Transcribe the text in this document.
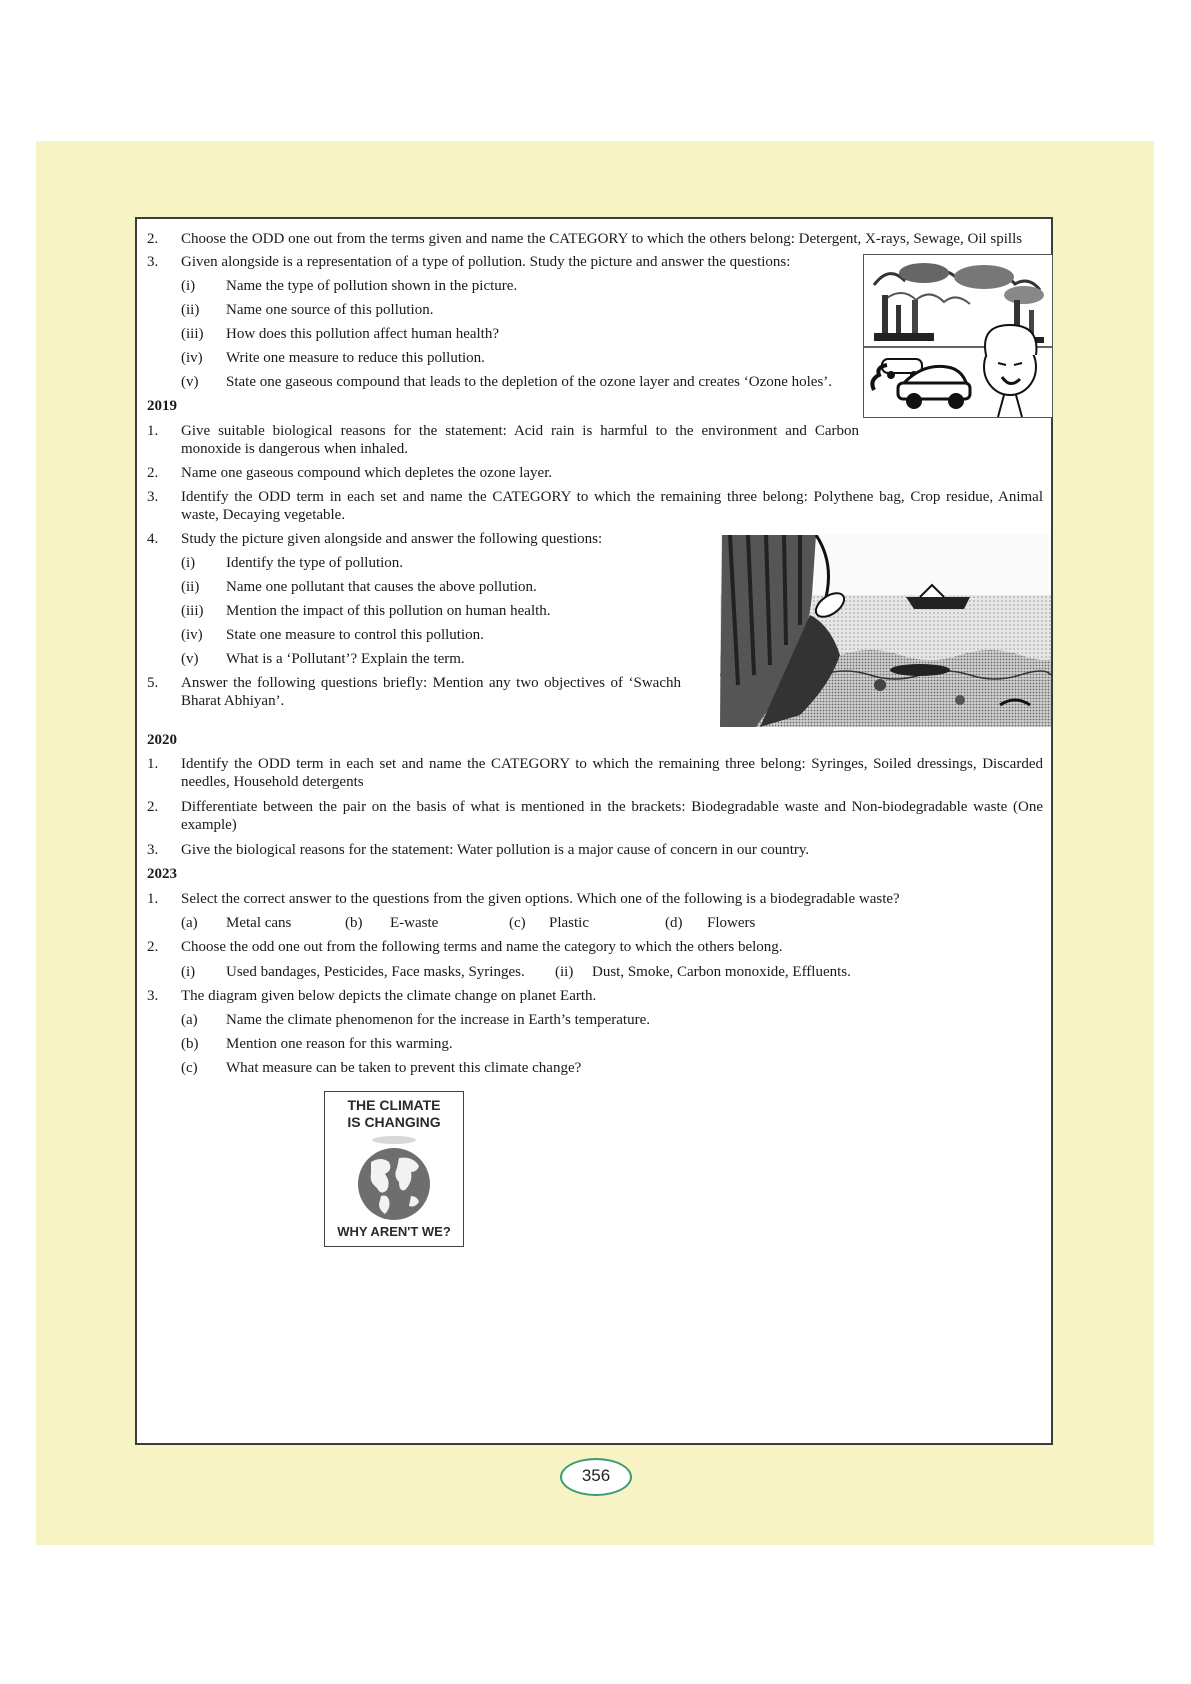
2. Choose the ODD one out from the terms given and name the CATEGORY to which the others belong: Detergent, X-rays, Sewage, Oil spills
3. Given alongside is a representation of a type of pollution. Study the picture and answer the questions:
(i) Name the type of pollution shown in the picture.
(ii) Name one source of this pollution.
(iii) How does this pollution affect human health?
(iv) Write one measure to reduce this pollution.
(v) State one gaseous compound that leads to the depletion of the ozone layer and creates ‘Ozone holes’.
2019
1. Give suitable biological reasons for the statement: Acid rain is harmful to the environment and Carbon monoxide is dangerous when inhaled.
2. Name one gaseous compound which depletes the ozone layer.
3. Identify the ODD term in each set and name the CATEGORY to which the remaining three belong: Polythene bag, Crop residue, Animal waste, Decaying vegetable.
4. Study the picture given alongside and answer the following questions:
(i) Identify the type of pollution.
(ii) Name one pollutant that causes the above pollution.
(iii) Mention the impact of this pollution on human health.
(iv) State one measure to control this pollution.
(v) What is a ‘Pollutant’? Explain the term.
5. Answer the following questions briefly: Mention any two objectives of ‘Swachh Bharat Abhiyan’.
2020
1. Identify the ODD term in each set and name the CATEGORY to which the remaining three belong: Syringes, Soiled dressings, Discarded needles, Household detergents
2. Differentiate between the pair on the basis of what is mentioned in the brackets: Biodegradable waste and Non-biodegradable waste (One example)
3. Give the biological reasons for the statement: Water pollution is a major cause of concern in our country.
2023
1. Select the correct answer to the questions from the given options. Which one of the following is a biodegradable waste?
(a) Metal cans	(b) E-waste	(c) Plastic	(d) Flowers
2. Choose the odd one out from the following terms and name the category to which the others belong.
(i) Used bandages, Pesticides, Face masks, Syringes. (ii) Dust, Smoke, Carbon monoxide, Effluents.
3. The diagram given below depicts the climate change on planet Earth.
(a) Name the climate phenomenon for the increase in Earth’s temperature.
(b) Mention one reason for this warming.
(c) What measure can be taken to prevent this climate change?
THE CLIMATE
IS CHANGING
WHY AREN'T WE?
356
